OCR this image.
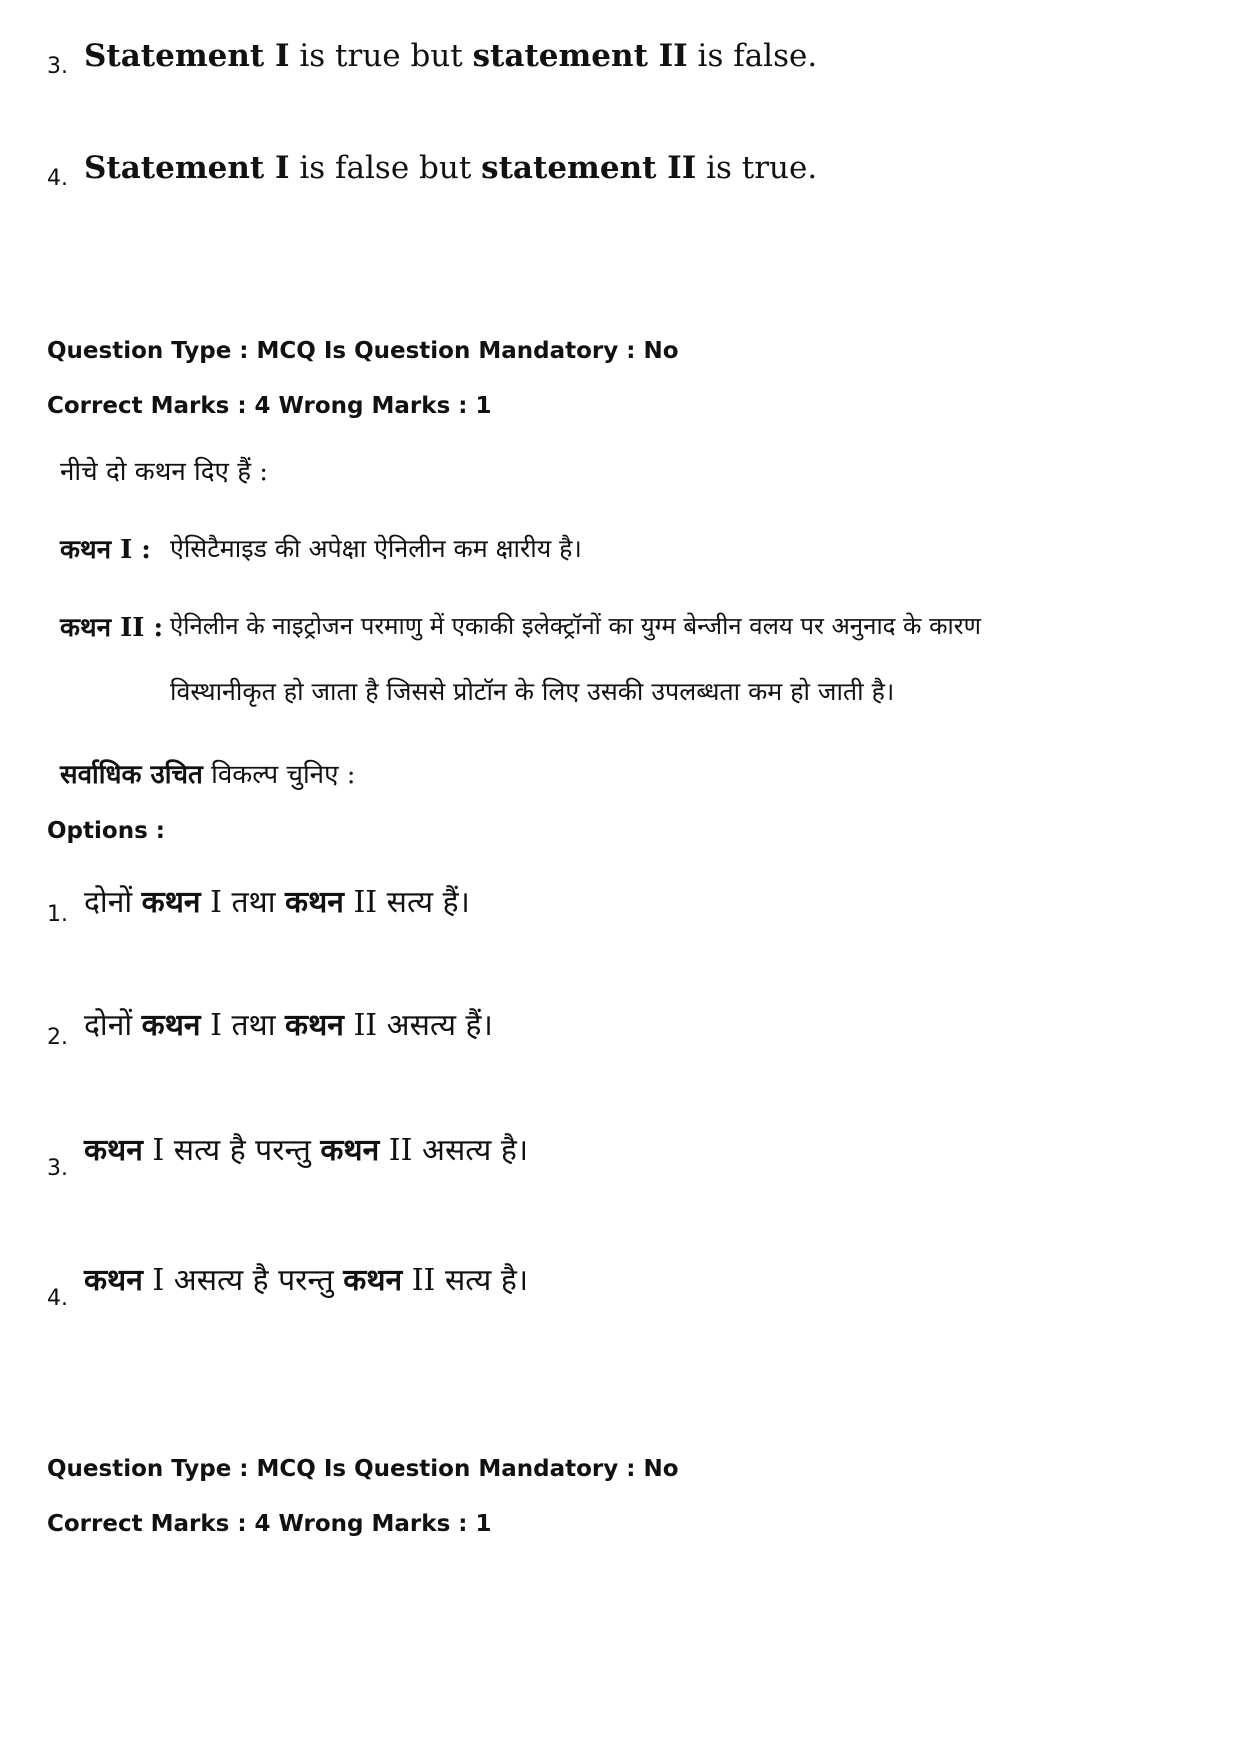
3. Statement I is true but statement II is false.
4. Statement I is false but statement II is true.
Question Type : MCQ Is Question Mandatory : No
Correct Marks : 4 Wrong Marks : 1
नीचे दो कथन दिए हैं :
कथन I : ऐसिटैमाइड की अपेक्षा ऐनिलीन कम क्षारीय है।
कथन II : ऐनिलीन के नाइट्रोजन परमाणु में एकाकी इलेक्ट्रॉनों का युग्म बेन्जीन वलय पर अनुनाद के कारण
विस्थानीकृत हो जाता है जिससे प्रोटॉन के लिए उसकी उपलब्धता कम हो जाती है।
सर्वाधिक उचित विकल्प चुनिए :
Options :
1. दोनों कथन I तथा कथन II सत्य हैं।
2. दोनों कथन I तथा कथन II असत्य हैं।
3.
कथन I सत्य है परन्तु कथन II असत्य है।
4.
कथन I असत्य है परन्तु कथन II सत्य है।
Question Type : MCQ Is Question Mandatory : No
Correct Marks : 4 Wrong Marks : 1
